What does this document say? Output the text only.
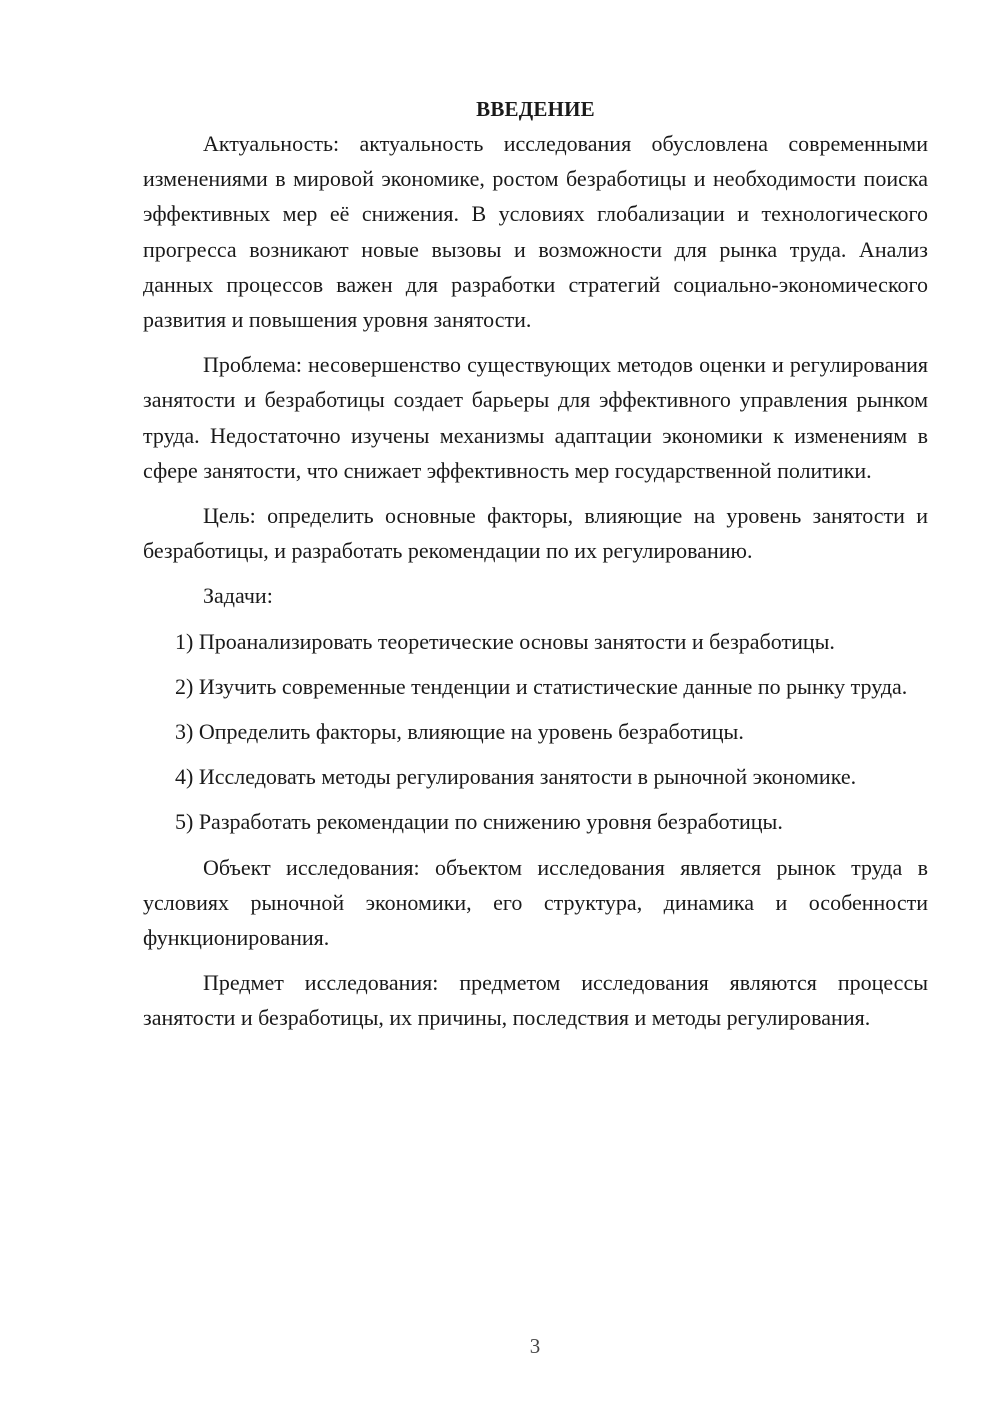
ВВЕДЕНИЕ

Актуальность: актуальность исследования обусловлена современными изменениями в мировой экономике, ростом безработицы и необходимости поиска эффективных мер её снижения. В условиях глобализации и технологического прогресса возникают новые вызовы и возможности для рынка труда. Анализ данных процессов важен для разработки стратегий социально-экономического развития и повышения уровня занятости.

Проблема: несовершенство существующих методов оценки и регулирования занятости и безработицы создает барьеры для эффективного управления рынком труда. Недостаточно изучены механизмы адаптации экономики к изменениям в сфере занятости, что снижает эффективность мер государственной политики.

Цель: определить основные факторы, влияющие на уровень занятости и безработицы, и разработать рекомендации по их регулированию.

Задачи:

1) Проанализировать теоретические основы занятости и безработицы.

2) Изучить современные тенденции и статистические данные по рынку труда.

3) Определить факторы, влияющие на уровень безработицы.

4) Исследовать методы регулирования занятости в рыночной экономике.

5) Разработать рекомендации по снижению уровня безработицы.

Объект исследования: объектом исследования является рынок труда в условиях рыночной экономики, его структура, динамика и особенности функционирования.

Предмет исследования: предметом исследования являются процессы занятости и безработицы, их причины, последствия и методы регулирования.

3
